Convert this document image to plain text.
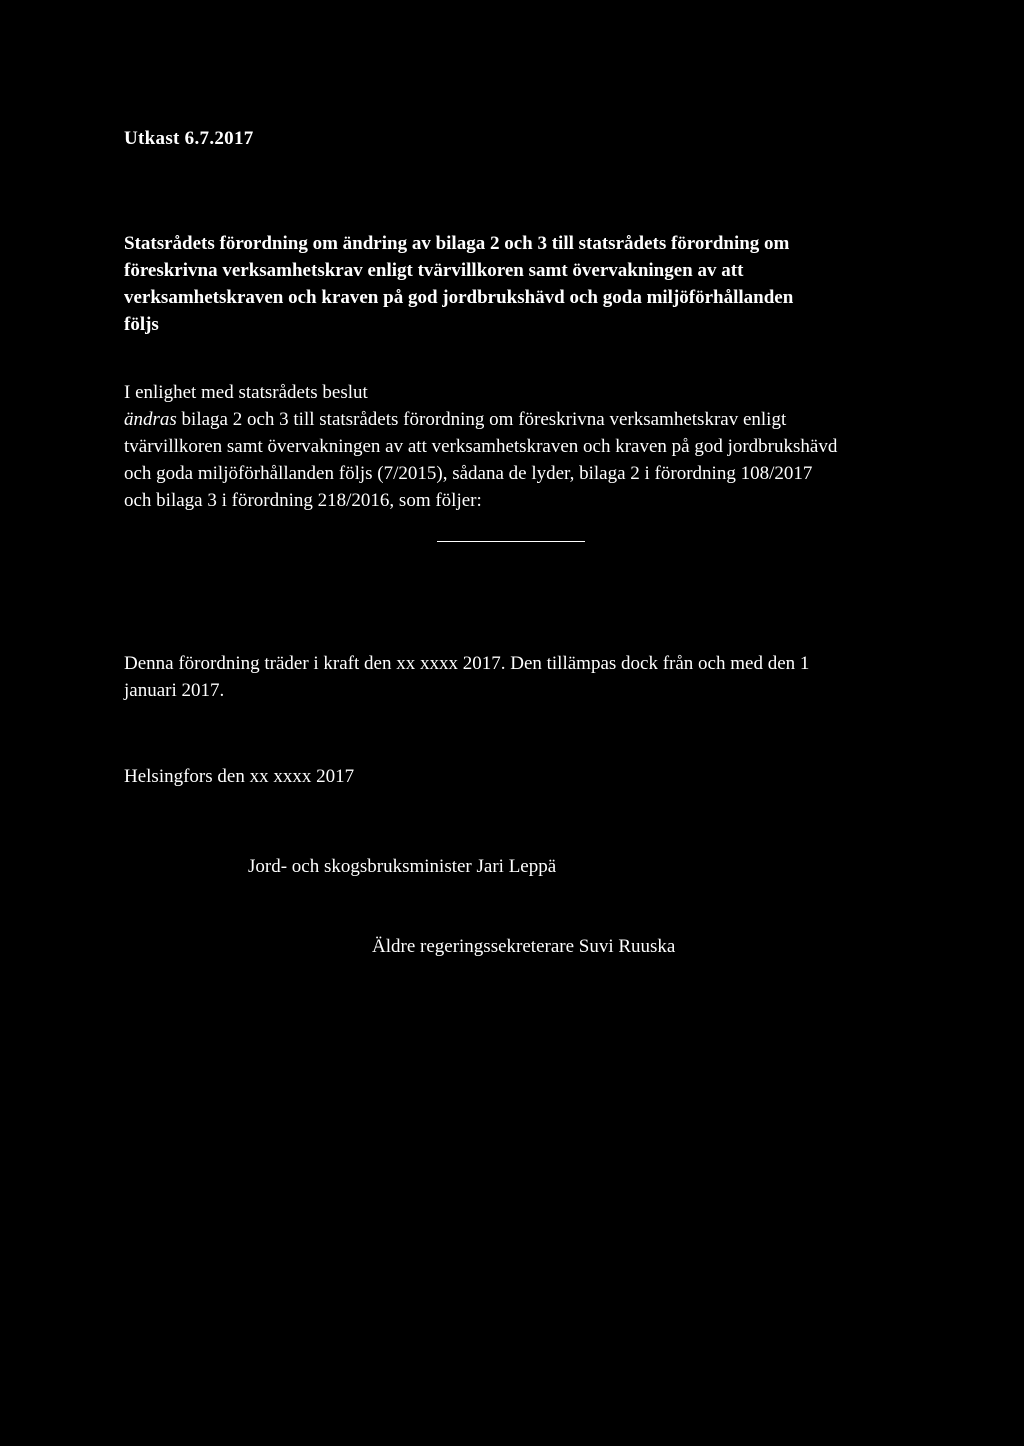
Utkast 6.7.2017
Statsrådets förordning om ändring av bilaga 2 och 3 till statsrådets förordning om
föreskrivna verksamhetskrav enligt tvärvillkoren samt övervakningen av att
verksamhetskraven och kraven på god jordbrukshävd och goda miljöförhållanden
följs
I enlighet med statsrådets beslut
ändras bilaga 2 och 3 till statsrådets förordning om föreskrivna verksamhetskrav enligt
tvärvillkoren samt övervakningen av att verksamhetskraven och kraven på god jordbrukshävd
och goda miljöförhållanden följs (7/2015), sådana de lyder, bilaga 2 i förordning 108/2017
och bilaga 3 i förordning 218/2016, som följer:
Denna förordning träder i kraft den xx xxxx 2017. Den tillämpas dock från och med den 1
januari 2017.
Helsingfors den xx xxxx 2017
Jord- och skogsbruksminister Jari Leppä
Äldre regeringssekreterare Suvi Ruuska
